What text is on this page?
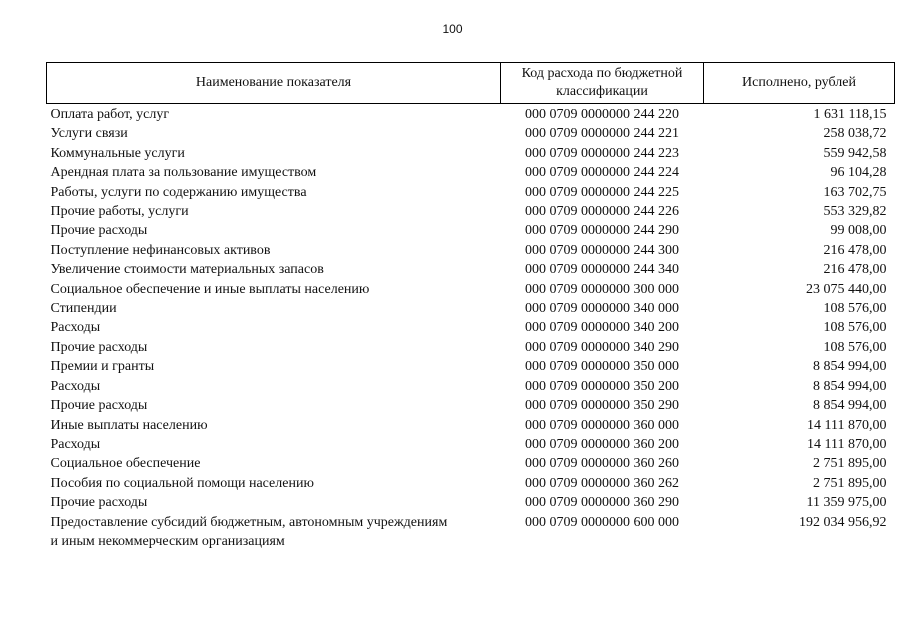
100
Наименование показателя	Код расхода по бюджетной классификации	Исполнено, рублей
Оплата работ, услуг	000 0709 0000000 244 220	1 631 118,15
Услуги связи	000 0709 0000000 244 221	258 038,72
Коммунальные услуги	000 0709 0000000 244 223	559 942,58
Арендная плата за пользование имуществом	000 0709 0000000 244 224	96 104,28
Работы, услуги по содержанию имущества	000 0709 0000000 244 225	163 702,75
Прочие работы, услуги	000 0709 0000000 244 226	553 329,82
Прочие расходы	000 0709 0000000 244 290	99 008,00
Поступление нефинансовых активов	000 0709 0000000 244 300	216 478,00
Увеличение стоимости материальных запасов	000 0709 0000000 244 340	216 478,00
Социальное обеспечение и иные выплаты населению	000 0709 0000000 300 000	23 075 440,00
Стипендии	000 0709 0000000 340 000	108 576,00
Расходы	000 0709 0000000 340 200	108 576,00
Прочие расходы	000 0709 0000000 340 290	108 576,00
Премии и гранты	000 0709 0000000 350 000	8 854 994,00
Расходы	000 0709 0000000 350 200	8 854 994,00
Прочие расходы	000 0709 0000000 350 290	8 854 994,00
Иные выплаты населению	000 0709 0000000 360 000	14 111 870,00
Расходы	000 0709 0000000 360 200	14 111 870,00
Социальное обеспечение	000 0709 0000000 360 260	2 751 895,00
Пособия по социальной помощи населению	000 0709 0000000 360 262	2 751 895,00
Прочие расходы	000 0709 0000000 360 290	11 359 975,00
Предоставление субсидий бюджетным, автономным учреждениям
и иным некоммерческим организациям	000 0709 0000000 600 000	192 034 956,92
